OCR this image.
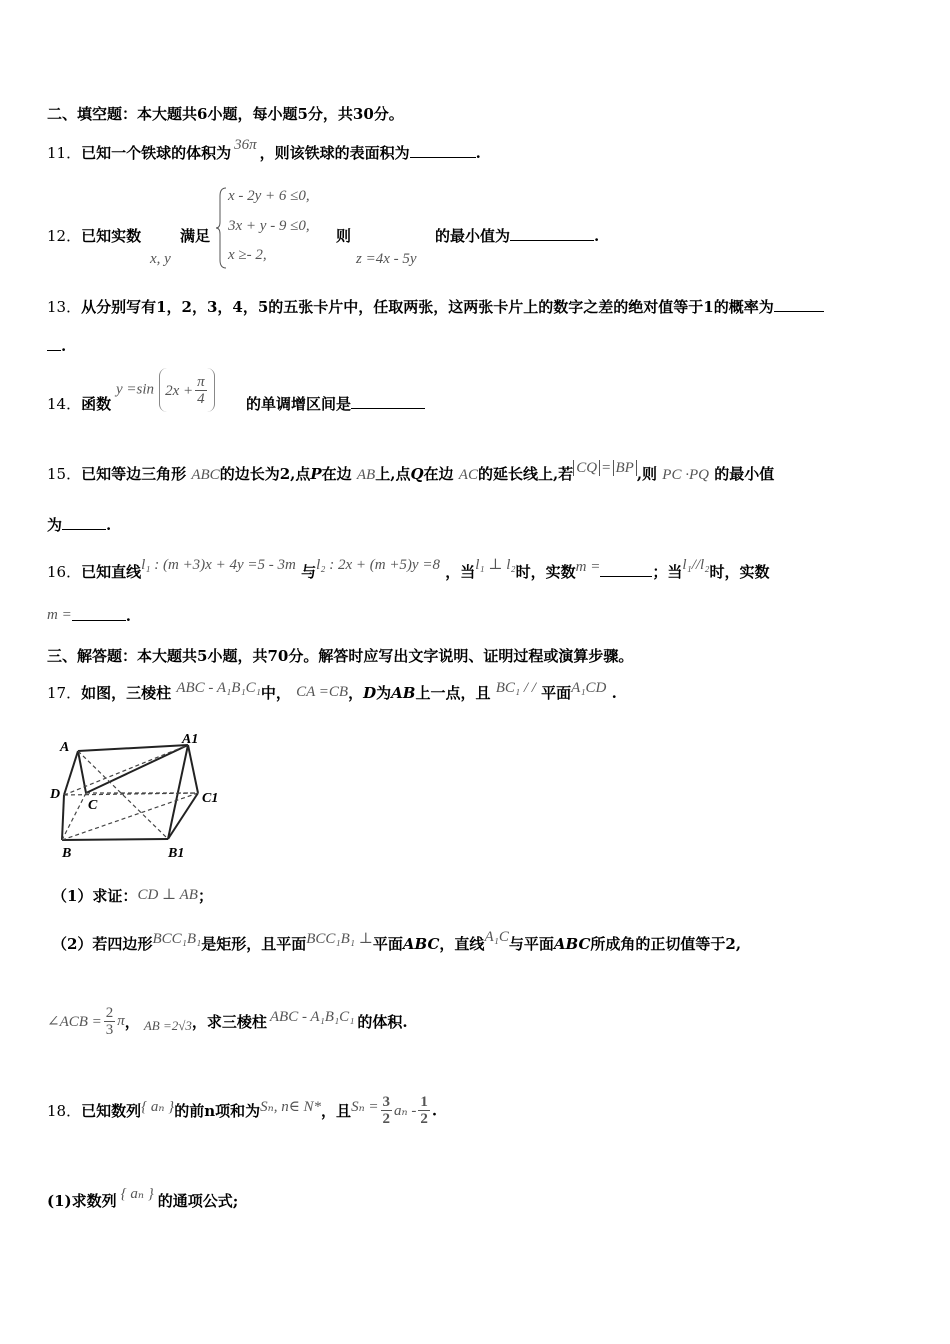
二、填空题：本大题共6小题，每小题5分，共30分。
11．已知一个铁球的体积为 36π ，则该铁球的表面积为	.
12．已知实数
x, y
满足
x - 2y + 6 ≤0,
3x + y - 9 ≤0,
x ≥- 2,
则
z =4x - 5y
的最小值为	.
13．从分别写有1，2，3，4，5的五张卡片中，任取两张，这两张卡片上的数字之差的绝对值等于1的概率为
.
14．函数
y =sin $2x + \frac{\pi}{4}$	的单调增区间是
15．已知等边三角形 ABC的边长为2,点P在边 AB上,点Q在边 AC的延长线上,若 CQ = BP ,则 PC ·PQ 的最小值
为	.
16．已知直线l₁ : (m +3)x + 4y =5 - 3m 与l₂ : 2x + (m +5)y =8 ，当l₁ ⊥ l₂时，实数m =	；当l₁//l₂时，实数
m =	.
三、解答题：本大题共5小题，共70分。解答时应写出文字说明、证明过程或演算步骤。
17．如图，三棱柱 ABC - A₁B₁C₁中， CA =CB，D为AB上一点，且 BC₁ / / 平面A₁CD .
A
A1
D
C	C1
B	B1
（1）求证：CD ⊥ AB；
（2）若四边形BCC₁B₁是矩形，且平面BCC₁B₁ ⊥平面ABC，直线A₁C与平面ABC所成角的正切值等于2,
∠ACB = $\frac{2}{3}$ π， $_{AB =2√3}$，求三棱柱 ABC - A₁B₁C₁ 的体积.
18．已知数列{ aₙ }的前n项和为Sₙ, n∈ N*，且$S_n = \frac{3}{2}$ aₙ - $\frac{1}{2}$ .
(1)求数列 { aₙ } 的通项公式;
